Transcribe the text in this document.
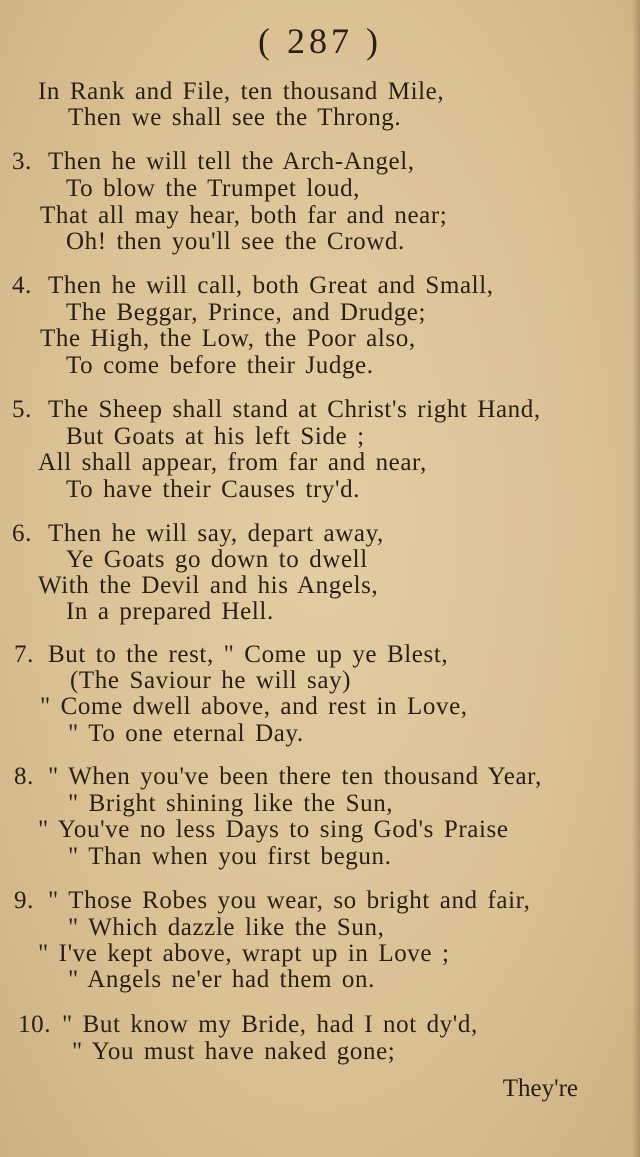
( 287 )
In Rank and File, ten thousand Mile,
Then we shall see the Throng.
3. Then he will tell the Arch-Angel,
To blow the Trumpet loud,
That all may hear, both far and near;
Oh! then you'll see the Crowd.
4. Then he will call, both Great and Small,
The Beggar, Prince, and Drudge;
The High, the Low, the Poor also,
To come before their Judge.
5. The Sheep shall stand at Christ's right Hand,
But Goats at his left Side ;
All shall appear, from far and near,
To have their Causes try'd.
6. Then he will say, depart away,
Ye Goats go down to dwell
With the Devil and his Angels,
In a prepared Hell.
7. But to the rest, " Come up ye Blest,
(The Saviour he will say)
" Come dwell above, and rest in Love,
" To one eternal Day.
8. " When you've been there ten thousand Year,
" Bright shining like the Sun,
" You've no less Days to sing God's Praise
" Than when you first begun.
9. " Those Robes you wear, so bright and fair,
" Which dazzle like the Sun,
" I've kept above, wrapt up in Love ;
" Angels ne'er had them on.
10. " But know my Bride, had I not dy'd,
" You must have naked gone;
They're
